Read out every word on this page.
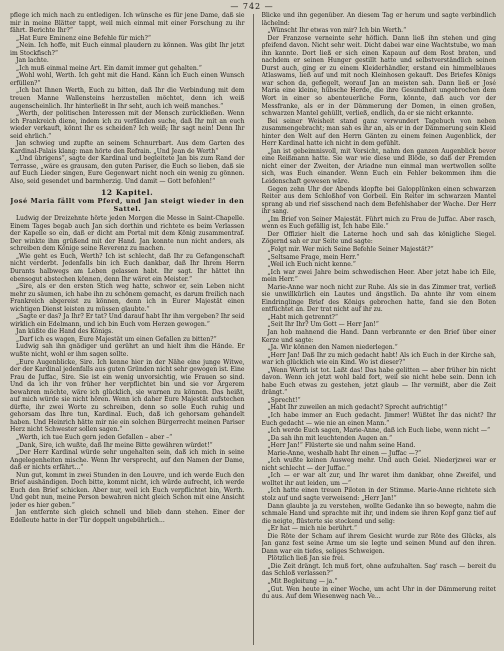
— 742 —

pflege ich mich nach zu entledigen. Ich wünsche es für jene Dame, daß sie mir in meine Blätter tappt, weil mich einmal mit einer Forschung zu ihr fährt. Berichte Ihr?“

„Hat Eure Eminenz eine Befehle für mich?“

„Nein. Ich hoffe, mit Euch einmal plaudern zu können. Was gibt Ihr jetzt im Stockfisch?“

Jan lachte.

„Ich muß einmal meine Art. Ein damit immer gut gehalten.“

„Wohl wohl, Werth. Ich geht mit die Hand. Kann ich Euch einen Wunsch erfüllen?“

„Ich bat Ihnen Werth, Euch zu bitten, daß Ihr die Verbindung mit dem treuen Manne Wallensteins herzustellen möchtet, denn ich weiß augenscheinlich. Ihr hinterließt in Ihr seht, auch ich weiß manches.“

„Werth, der politischen Interessen mit der Mensch zurückließen. Wenn ich Frankreich diene, indem ich zu verfänden suche, daß Ihr mit an euch wieder verkauft, könnt Ihr es scheiden? Ich weiß; Ihr sagt nein! Denn Ihr seid ehrlich.“

Jan schwieg und zupfte an seinem Schnurrbart. Aus dem Garten des Kardinal-Palais klang: man hörte den Refrain. „Und Jean de Werth“

„Und übrigens“, sagte der Kardinal und begleitete Jan bis zum Rand der Terrasse, „wäre es grausam, den guten Pariser, die Euch so lieben, daß sie auf Euch Lieder singen, Eure Gegenwart nicht noch ein wenig zu gönnen. Also, seid gesendet und barmherzig. Und damit — Gott befohlen!“

12 Kapitel.
José Maria fällt vom Pferd, und Jan steigt wieder in den Sattel.

Ludwig der Dreizehnte hörte jeden Morgen die Messe in Saint-Chapelle. Einem Tages begab auch Jan sich dorthin und richtete es beim Verlassen der Kapelle so ein, daß er dicht am Portal mit dem König zusammentraf. Der winkte ihm grüßend mit der Hand. Jan konnte nun nicht anders, als schreiben dem Könige seine Reverenz zu machen.

„Wie geht es Euch, Werth? Ich ist schlecht, daß Ihr zu Gefangenschaft nicht verderbt. Jedenfalls bin ich Euch dankbar, daß Ihr Ihrem Herrn Durants halbwegs am Leben gelassen habt. Ihr sagt. Ihr hättet ihn ebensogut abstechen können, denn Ihr wäret ein Meister.“

„Sire, als er den ersten Stich weg hatte, schwor er, sein Leben nicht mehr zu säumen, ich habe ihn zu schönem gemacht, es darum freilich nach Frankreich abgereist zu können, denn ich in Eurer Majestät einen wichtigen Dienst leisten zu müssen glaubte.“

„Sagte er das? Ja Ihr? Er tat? Und darauf habt Ihr ihm vergeben? Ihr seid wirklich ein Edelmann, und ich bin Euch vom Herzen gewogen.“

Jan küßte die Hand des Königs.

„Darf ich es wagen, Eure Majestät um einen Gefallen zu bitten?“

Ludwig sah ihn gnädiger und gerührt an und hielt ihm die Hände. Er wußte nicht, wohl er ihm sagen sollte.

„Eure Augenblicke, Sire. Ich kenne hier in der Nähe eine junge Witwe, der der Kardinal jedenfalls aus guten Gründen nicht sehr gewogen ist. Eine Frau de Juffac, Sire. Sie ist ein wenig unvorsichtig, wie Frauen so sind. Und da ich ihr von früher her verpflichtet bin und sie vor Ärgerem bewahren möchte, wäre ich glücklich, sie warnen zu können. Das heißt, auf mich würde sie nicht hören. Wenn ich daher Eure Majestät aufstechen dürfte, ihr zwei Worte zu schreiben, denn so solle Euch ruhig und gehorsam das Ihre tun, Kardinal. Euch, daß ich gehorsam gehandelt haben. Und Heinrich hätte mir nie ein solchen Bürgerrecht meinen Pariser Herz nicht Schwester sollen sagen.“

„Werth, ich tue Euch gern jeden Gefallen – aber –“

„Dank, Sire, ich wußte, daß Ihr meine Bitte gewähren würdet!“

„Der Herr Kardinal würde sehr ungehalten sein, daß ich mich in seine Angelegenheiten mische. Wenn Ihr versprecht, auf den Namen der Dame, daß er nichts erfährt...“

Nun gut, kommt in zwei Stunden in den Louvre, und ich werde Euch den Brief aushändigen. Doch bitte, kommt nicht, ich würde aufrecht, ich werde Euch den Brief schicken. Aber nur, weil ich Euch verpflichtet bin, Werth. Und gebt nun, meine Person bewahren nicht gleich Schon mit eine Ansicht jeder es hier geben.“

Jan entfernte sich gleich schnell und blieb dann stehen. Einer der Edelleute hatte in der Tür doppelt ungebührlich...

Blicke und ihn gegenüber. An diesem Tag er herum und sagte verbindlich lächelnd:

„Wünscht Ihr etwas von mir? Ich bin Werth.“

Der Franzose verneinte sehr höflich. Dann ließ ihn stehen und ging pfeifend davon. Nicht sehr weit. Dicht dabei war eine Wachtstube, wo man ihn kannte. Dort ließ er sich einen Kapaun auf dem Rost braten, und nachdem er seinen Hunger gestillt hatte und selbstverständlich seinen Durst auch, ging er zu einem Kleiderhändler, erstand ein himmelblaues Atlaswams, ließ auf und mit noch Kleinhosen gekauft. Des Briefes Königs war schon da, gefiegelt, worauf Jan an meisten sah. Dann ließ er José Maria eine kleine, hübsche Herde, die ihre Gesundheit ungebrochen dem Wort in einer so abenteuerliche Form, könnte, daß auch vor der Messfranke, als er in der Dämmerung der Domen, in einen großen, schwarzen Mantel gehüllt, verließ, endlich, da er sie nicht erkannte.

Bei seiner Weisheit stand ganz verwundert Tagebuch von neben zusammengebracht; man sah es ihr an, als er in der Dämmerung sein Kleid hinter den Welt auf den Herrn Gänten zu einem feinen Augenblick, der Herr Kardinal hatte ich nicht in dem gefühlt.

„Jan ist gebeimnisvoll, mit Vorsicht, nahm den ganzen Augenblick bevor eine Reißmann hatte. Sie war wie diese und Blöde, so daß der Fremden nicht einer der Zweiten, der Ariadne nun einmal man wertwollen sollte sich, was Euch einander. Wenn Euch ein Fehler bekommen ihm die Leidenschaft gewesen wäre.

Gegen zehn Uhr der Abends klopfte bei Galopplünken einen schwarzen Reiter aus dem Schloßhof von Gorbeil. Ein Reiter im schwarzen Mantel sprang ab und rief sisschend nach dem Befehlshaber der Wache. Der Herr ihr sang.

„Im Brief von Seiner Majestät. Führt mich zu Frau de Juffac. Aber rasch, wenn es Euch gefällig ist, Ich habe Eile.“

Der Offizier hielt die Laterne hoch und sah das königliche Siegel. Zögernd sah er zur Seite und sagte:

„Folgt mir. Wer mich Seine Befehle Seiner Majestät?“

„Seltsame Frage, mein Herr.“

„Weil ich Euch nicht kenne.“

„Ich war zwei Jahre beim schwedischen Heer. Aber jetzt habe ich Eile, mein Herr.“

Marie-Anne war noch nicht zur Ruhe. Als sie in das Zimmer trat, verließ sie unwillkürlich ein Lautes und ängstlich. Da ahnte ihr vom einem Eindringlinge Brief des Königs gebrochen hatte, fand sie den Boten entfüchtet an. Der trat nicht auf ihr zu.

„Habt mich getrennt?“

„Seit Ihr Ihr? Um Gott — Herr Jan!“

Jan hob mahnend die Hand. Dann verbrannte er den Brief über einer Kerze und sagte:

„Ja. Wir können den Namen niederlegen.“

„Herr Jan! Daß Ihr zu mich gedacht habt! Als ich Euch in der Kirche sah, war ich glücklich wie ein Kind. Wo ist dieser?“

„Wenn Werth ist tot. Laßt das! Das habe gelitten — aber früher bin nicht davon. Wenn ich jetzt wohl bald fort, weil sie nicht hebe sein. Denn ich habe Euch etwas zu gestehen, jetzt glaub — Ihr vermißt, aber die Zeit drängt.“

„Sprecht!“

„Habt Ihr zuweilen an mich gedacht? Sprecht aufrichtig!“

„Ich habe immer an Euch gedacht. Jimmer! Wüßtet Ihr das nicht? Ihr Euch gedacht — wie nie an einen Mann.“

„Ich werde Euch sagen, Marie-Anne, daß ich Euch liebe, wenn nicht —“

„Da sah ihn mit leuchtenden Augen an.“

„Herr Jan!“ Flüsterte sie und nahm seine Hand.

Marie-Anne, weshalb habt Ihr einen — Juffac —?“

„Ich wußte keinen Ausweg mehr. Und auch Geiel. Niederjzwei war er nicht schlecht — der Juffac.“

„Ich — er war alt zur, und Ihr waret ihm dankbar, ohne Zweifel, und wolltet ihr aut leiden, um —“

„Ich hatte einen treuen Piloten in der Stimme. Marie-Anne richtete sich stolz auf und sagte verweisend: „Herr Jan!“

Dann glaubte ja zu verstehen, wollte Gedanke ihn so bewegte, nahm die schmale Hand und sprachte mit ihr, und indem sie ihren Kopf ganz tief auf die neigte, flüsterte sie stockend und selig:

„Er hat — mich nie berührt.“

Die Röte der Scham auf ihrem Gesicht wurde zur Röte des Glücks, als Jan ganz fest seine Arme um sie legte und seinen Mund auf den ihren. Dann war ein tiefes, seliges Schweigen.

Plötzlich ließ Jan sie frei.

„Die Zeit drängt. Ich muß fort, ohne aufzuhalten. Sag' rasch — bereit du das Schloß verlassen?“

„Mit Begleitung — ja.“

„Gut. Wen heute in einer Woche, um acht Uhr in der Dämmerung reitet du aus. Auf dem Wiesenweg nach Ve...
